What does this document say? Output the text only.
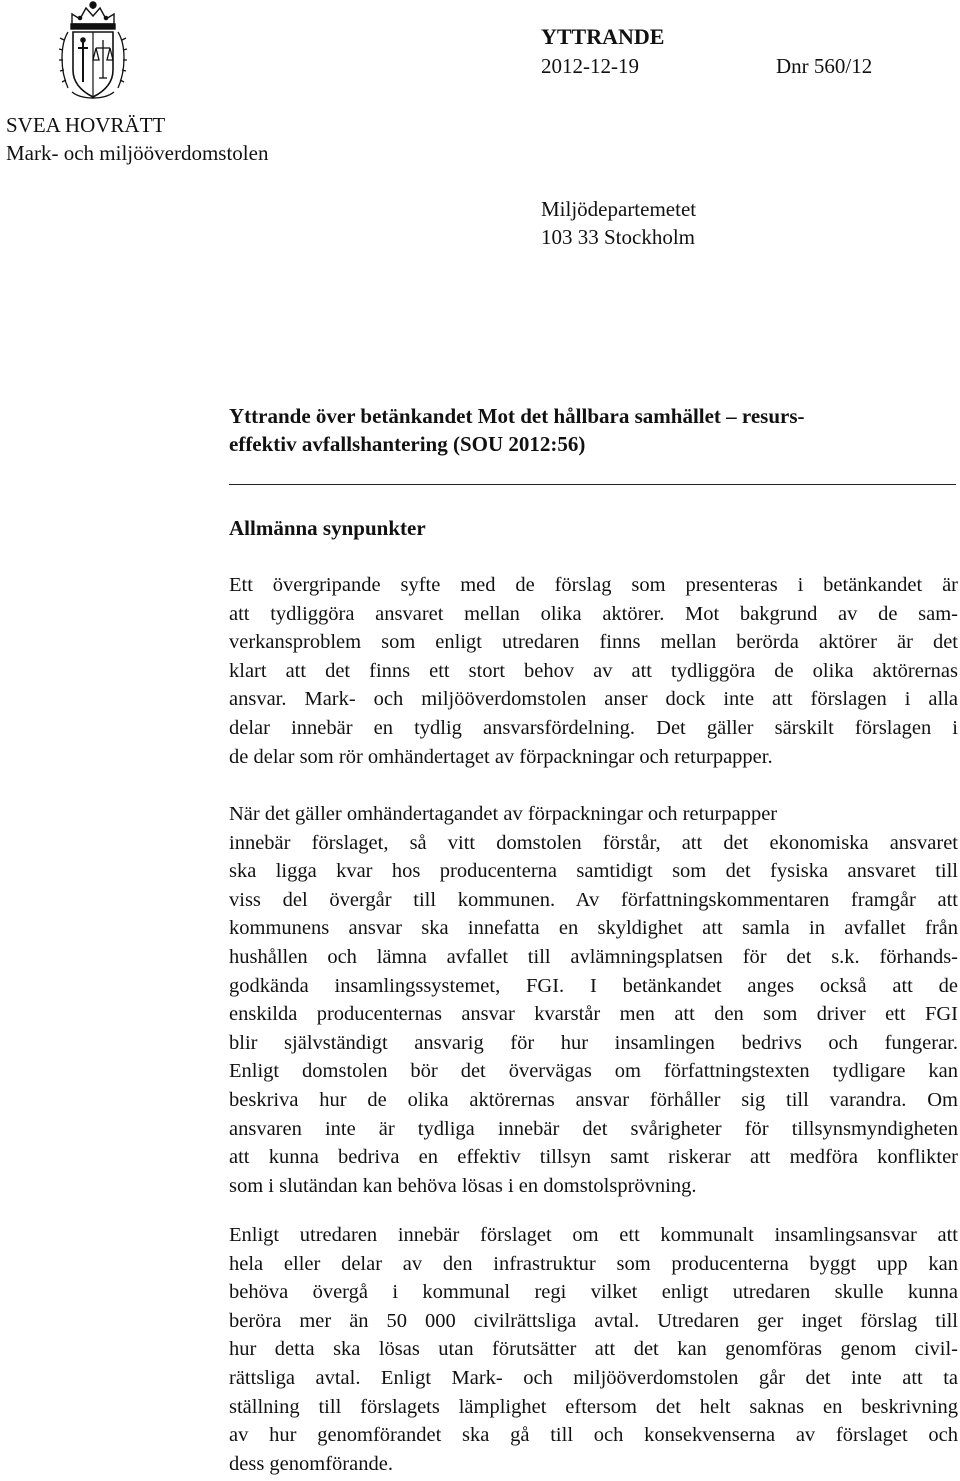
SVEA HOVRÄTT
Mark- och miljööverdomstolen
YTTRANDE
2012-12-19	Dnr 560/12
Miljödepartemetet
103 33 Stockholm
Yttrande över betänkandet Mot det hållbara samhället – resurs-
effektiv avfallshantering (SOU 2012:56)
Allmänna synpunkter
Ett övergripande syfte med de förslag som presenteras i betänkandet är
att tydliggöra ansvaret mellan olika aktörer. Mot bakgrund av de sam-
verkansproblem som enligt utredaren finns mellan berörda aktörer är det
klart att det finns ett stort behov av att tydliggöra de olika aktörernas
ansvar. Mark- och miljööverdomstolen anser dock inte att förslagen i alla
delar innebär en tydlig ansvarsfördelning. Det gäller särskilt förslagen i
de delar som rör omhändertaget av förpackningar och returpapper.
När det gäller omhändertagandet av förpackningar och returpapper
innebär förslaget, så vitt domstolen förstår, att det ekonomiska ansvaret
ska ligga kvar hos producenterna samtidigt som det fysiska ansvaret till
viss del övergår till kommunen. Av författningskommentaren framgår att
kommunens ansvar ska innefatta en skyldighet att samla in avfallet från
hushållen och lämna avfallet till avlämningsplatsen för det s.k. förhands-
godkända insamlingssystemet, FGI. I betänkandet anges också att de
enskilda producenternas ansvar kvarstår men att den som driver ett FGI
blir självständigt ansvarig för hur insamlingen bedrivs och fungerar.
Enligt domstolen bör det övervägas om författningstexten tydligare kan
beskriva hur de olika aktörernas ansvar förhåller sig till varandra. Om
ansvaren inte är tydliga innebär det svårigheter för tillsynsmyndigheten
att kunna bedriva en effektiv tillsyn samt riskerar att medföra konflikter
som i slutändan kan behöva lösas i en domstolsprövning.
Enligt utredaren innebär förslaget om ett kommunalt insamlingsansvar att
hela eller delar av den infrastruktur som producenterna byggt upp kan
behöva övergå i kommunal regi vilket enligt utredaren skulle kunna
beröra mer än 50 000 civilrättsliga avtal. Utredaren ger inget förslag till
hur detta ska lösas utan förutsätter att det kan genomföras genom civil-
rättsliga avtal. Enligt Mark- och miljööverdomstolen går det inte att ta
ställning till förslagets lämplighet eftersom det helt saknas en beskrivning
av hur genomförandet ska gå till och konsekvenserna av förslaget och
dess genomförande.
